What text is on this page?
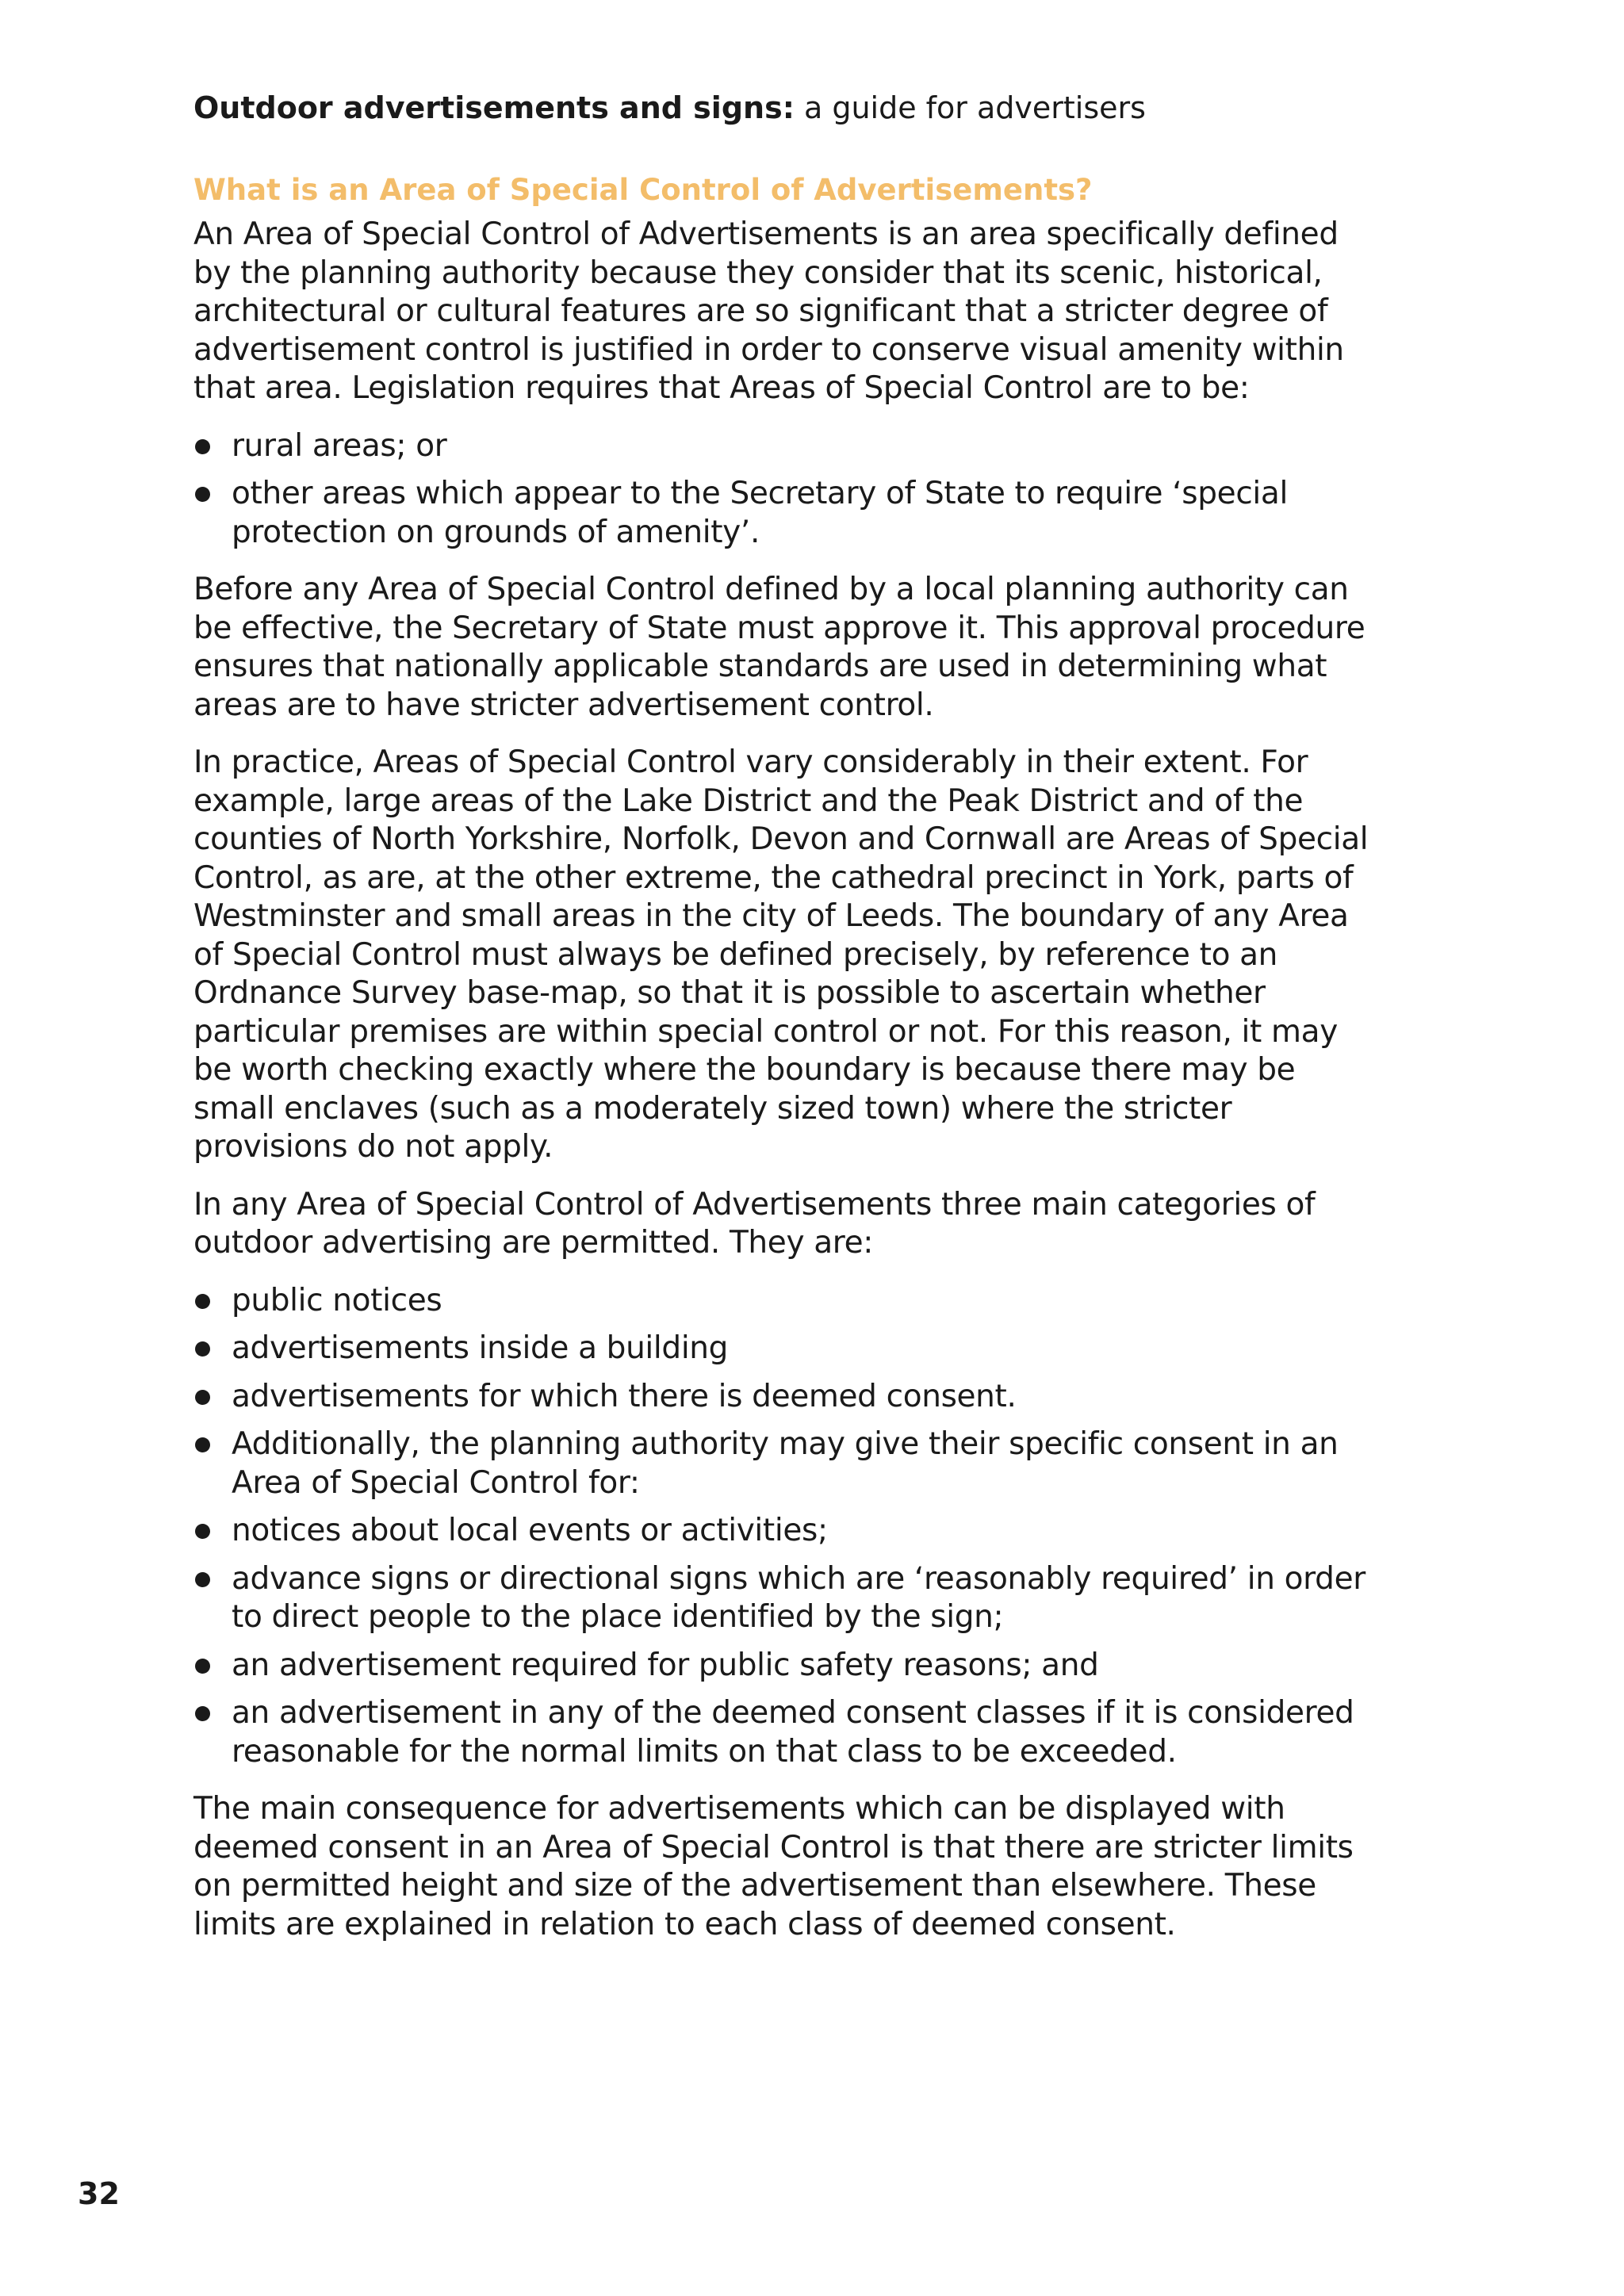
Outdoor advertisements and signs: a guide for advertisers
What is an Area of Special Control of Advertisements?

An Area of Special Control of Advertisements is an area specifically defined by the planning authority because they consider that its scenic, historical, architectural or cultural features are so significant that a stricter degree of advertisement control is justified in order to conserve visual amenity within that area. Legislation requires that Areas of Special Control are to be:

rural areas; or
other areas which appear to the Secretary of State to require ‘special protection on grounds of amenity’.

Before any Area of Special Control defined by a local planning authority can be effective, the Secretary of State must approve it. This approval procedure ensures that nationally applicable standards are used in determining what areas are to have stricter advertisement control.

In practice, Areas of Special Control vary considerably in their extent. For example, large areas of the Lake District and the Peak District and of the counties of North Yorkshire, Norfolk, Devon and Cornwall are Areas of Special Control, as are, at the other extreme, the cathedral precinct in York, parts of Westminster and small areas in the city of Leeds. The boundary of any Area of Special Control must always be defined precisely, by reference to an Ordnance Survey base-map, so that it is possible to ascertain whether particular premises are within special control or not. For this reason, it may be worth checking exactly where the boundary is because there may be small enclaves (such as a moderately sized town) where the stricter provisions do not apply.

In any Area of Special Control of Advertisements three main categories of outdoor advertising are permitted. They are:

public notices
advertisements inside a building
advertisements for which there is deemed consent.
Additionally, the planning authority may give their specific consent in an Area of Special Control for:
notices about local events or activities;
advance signs or directional signs which are ‘reasonably required’ in order to direct people to the place identified by the sign;
an advertisement required for public safety reasons; and
an advertisement in any of the deemed consent classes if it is considered reasonable for the normal limits on that class to be exceeded.

The main consequence for advertisements which can be displayed with deemed consent in an Area of Special Control is that there are stricter limits on permitted height and size of the advertisement than elsewhere. These limits are explained in relation to each class of deemed consent.

32
